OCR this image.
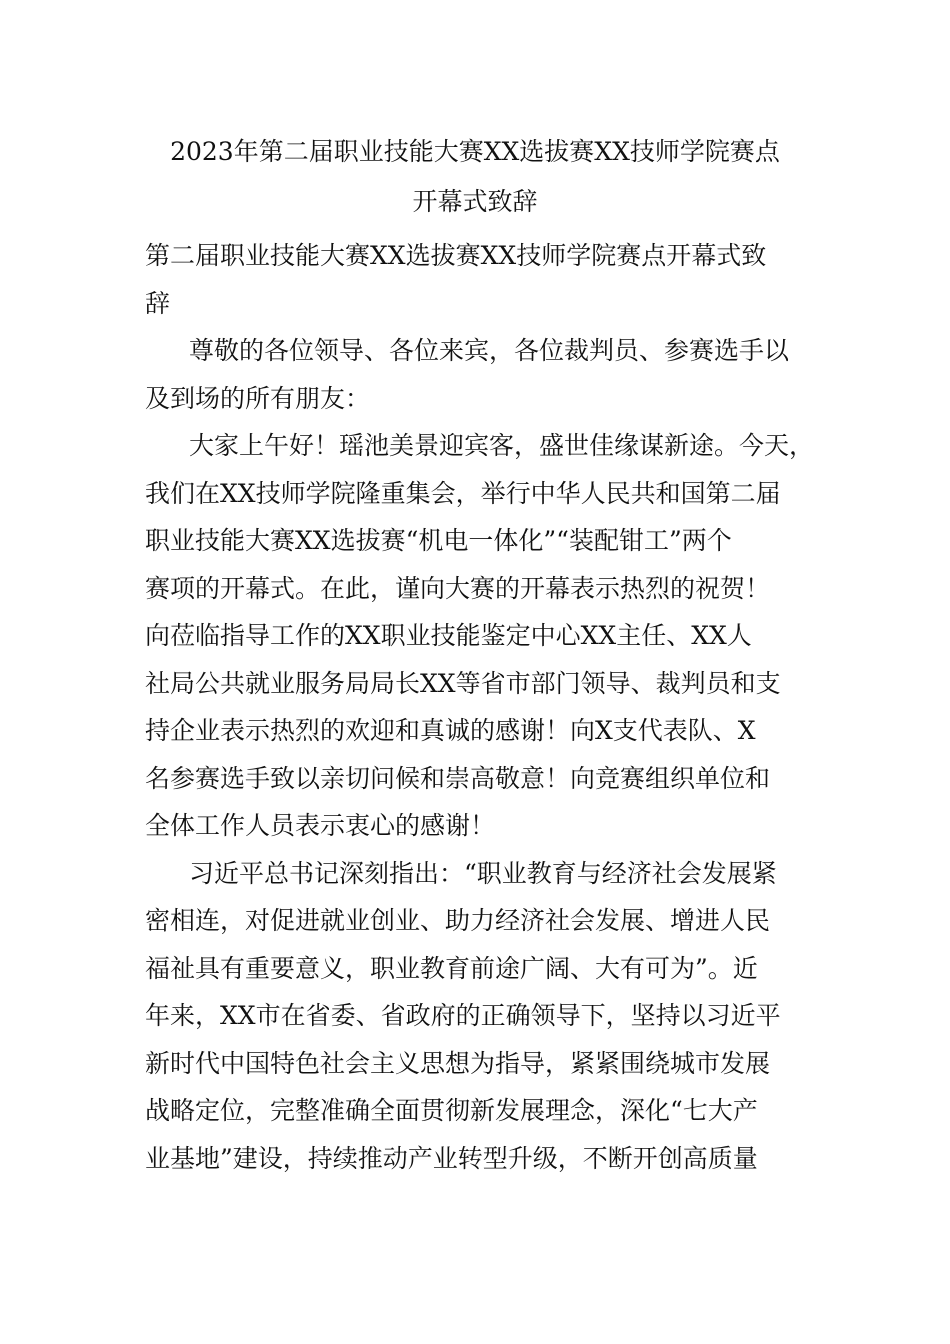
2023年第二届职业技能大赛XX选拔赛XX技师学院赛点
开幕式致辞
第二届职业技能大赛XX选拔赛XX技师学院赛点开幕式致
辞
尊敬的各位领导、各位来宾，各位裁判员、参赛选手以
及到场的所有朋友：
大家上午好！瑶池美景迎宾客，盛世佳缘谋新途。今天，
我们在XX技师学院隆重集会，举行中华人民共和国第二届
职业技能大赛XX选拔赛“机电一体化”“装配钳工”两个
赛项的开幕式。在此，谨向大赛的开幕表示热烈的祝贺！
向莅临指导工作的XX职业技能鉴定中心XX主任、XX人
社局公共就业服务局局长XX等省市部门领导、裁判员和支
持企业表示热烈的欢迎和真诚的感谢！向X支代表队、X
名参赛选手致以亲切问候和崇高敬意！向竞赛组织单位和
全体工作人员表示衷心的感谢！
习近平总书记深刻指出：“职业教育与经济社会发展紧
密相连，对促进就业创业、助力经济社会发展、增进人民
福祉具有重要意义，职业教育前途广阔、大有可为”。近
年来，XX市在省委、省政府的正确领导下，坚持以习近平
新时代中国特色社会主义思想为指导，紧紧围绕城市发展
战略定位，完整准确全面贯彻新发展理念，深化“七大产
业基地”建设，持续推动产业转型升级，不断开创高质量
